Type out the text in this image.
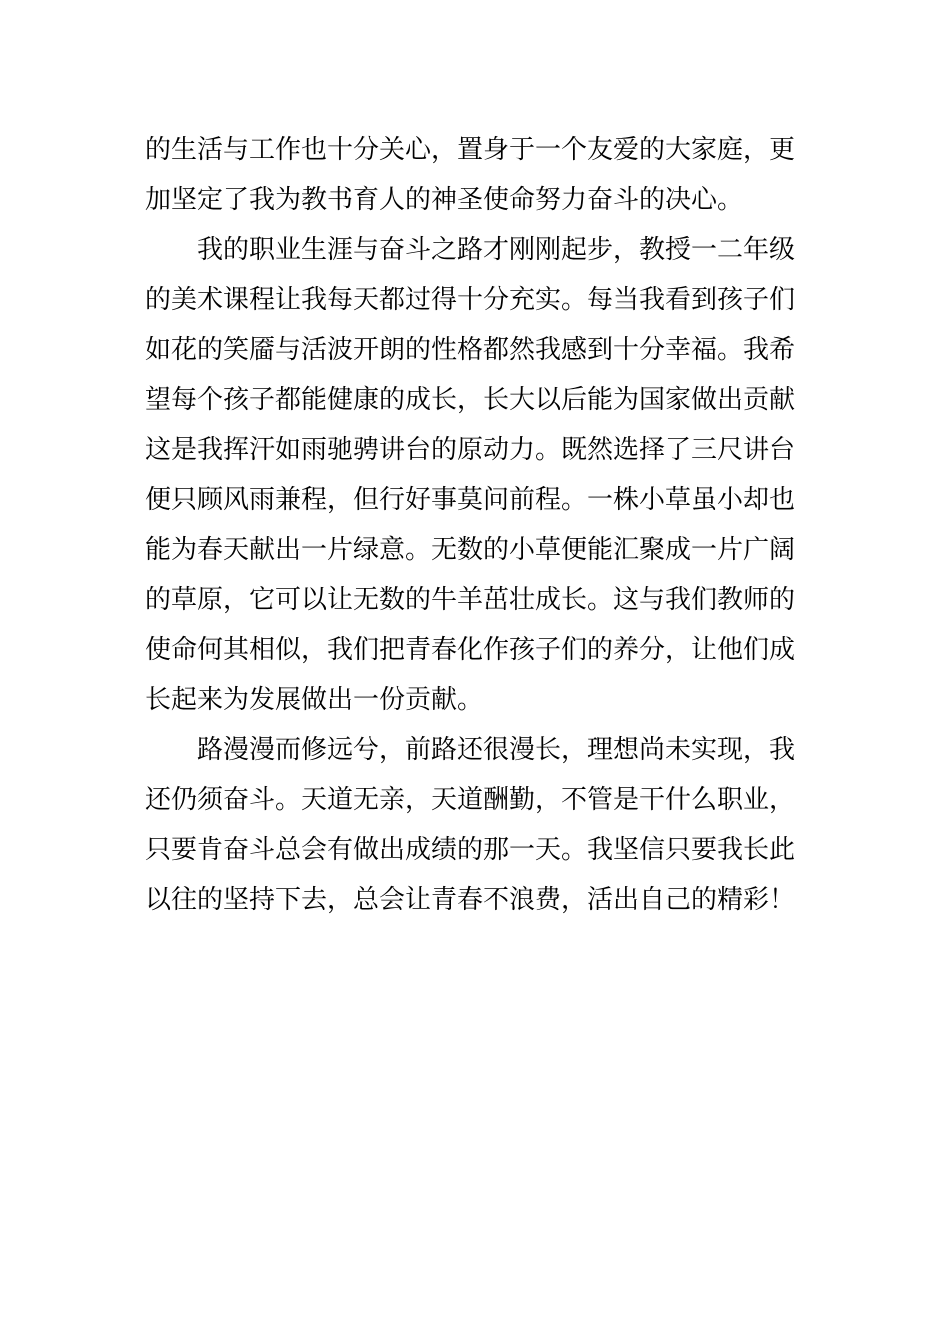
的生活与工作也十分关心，置身于一个友爱的大家庭，更
加坚定了我为教书育人的神圣使命努力奋斗的决心。
我的职业生涯与奋斗之路才刚刚起步，教授一二年级
的美术课程让我每天都过得十分充实。每当我看到孩子们
如花的笑靥与活波开朗的性格都然我感到十分幸福。我希
望每个孩子都能健康的成长，长大以后能为国家做出贡献
这是我挥汗如雨驰骋讲台的原动力。既然选择了三尺讲台
便只顾风雨兼程，但行好事莫问前程。一株小草虽小却也
能为春天献出一片绿意。无数的小草便能汇聚成一片广阔
的草原，它可以让无数的牛羊茁壮成长。这与我们教师的
使命何其相似，我们把青春化作孩子们的养分，让他们成
长起来为发展做出一份贡献。
路漫漫而修远兮，前路还很漫长，理想尚未实现，我
还仍须奋斗。天道无亲，天道酬勤，不管是干什么职业，
只要肯奋斗总会有做出成绩的那一天。我坚信只要我长此
以往的坚持下去，总会让青春不浪费，活出自己的精彩！
